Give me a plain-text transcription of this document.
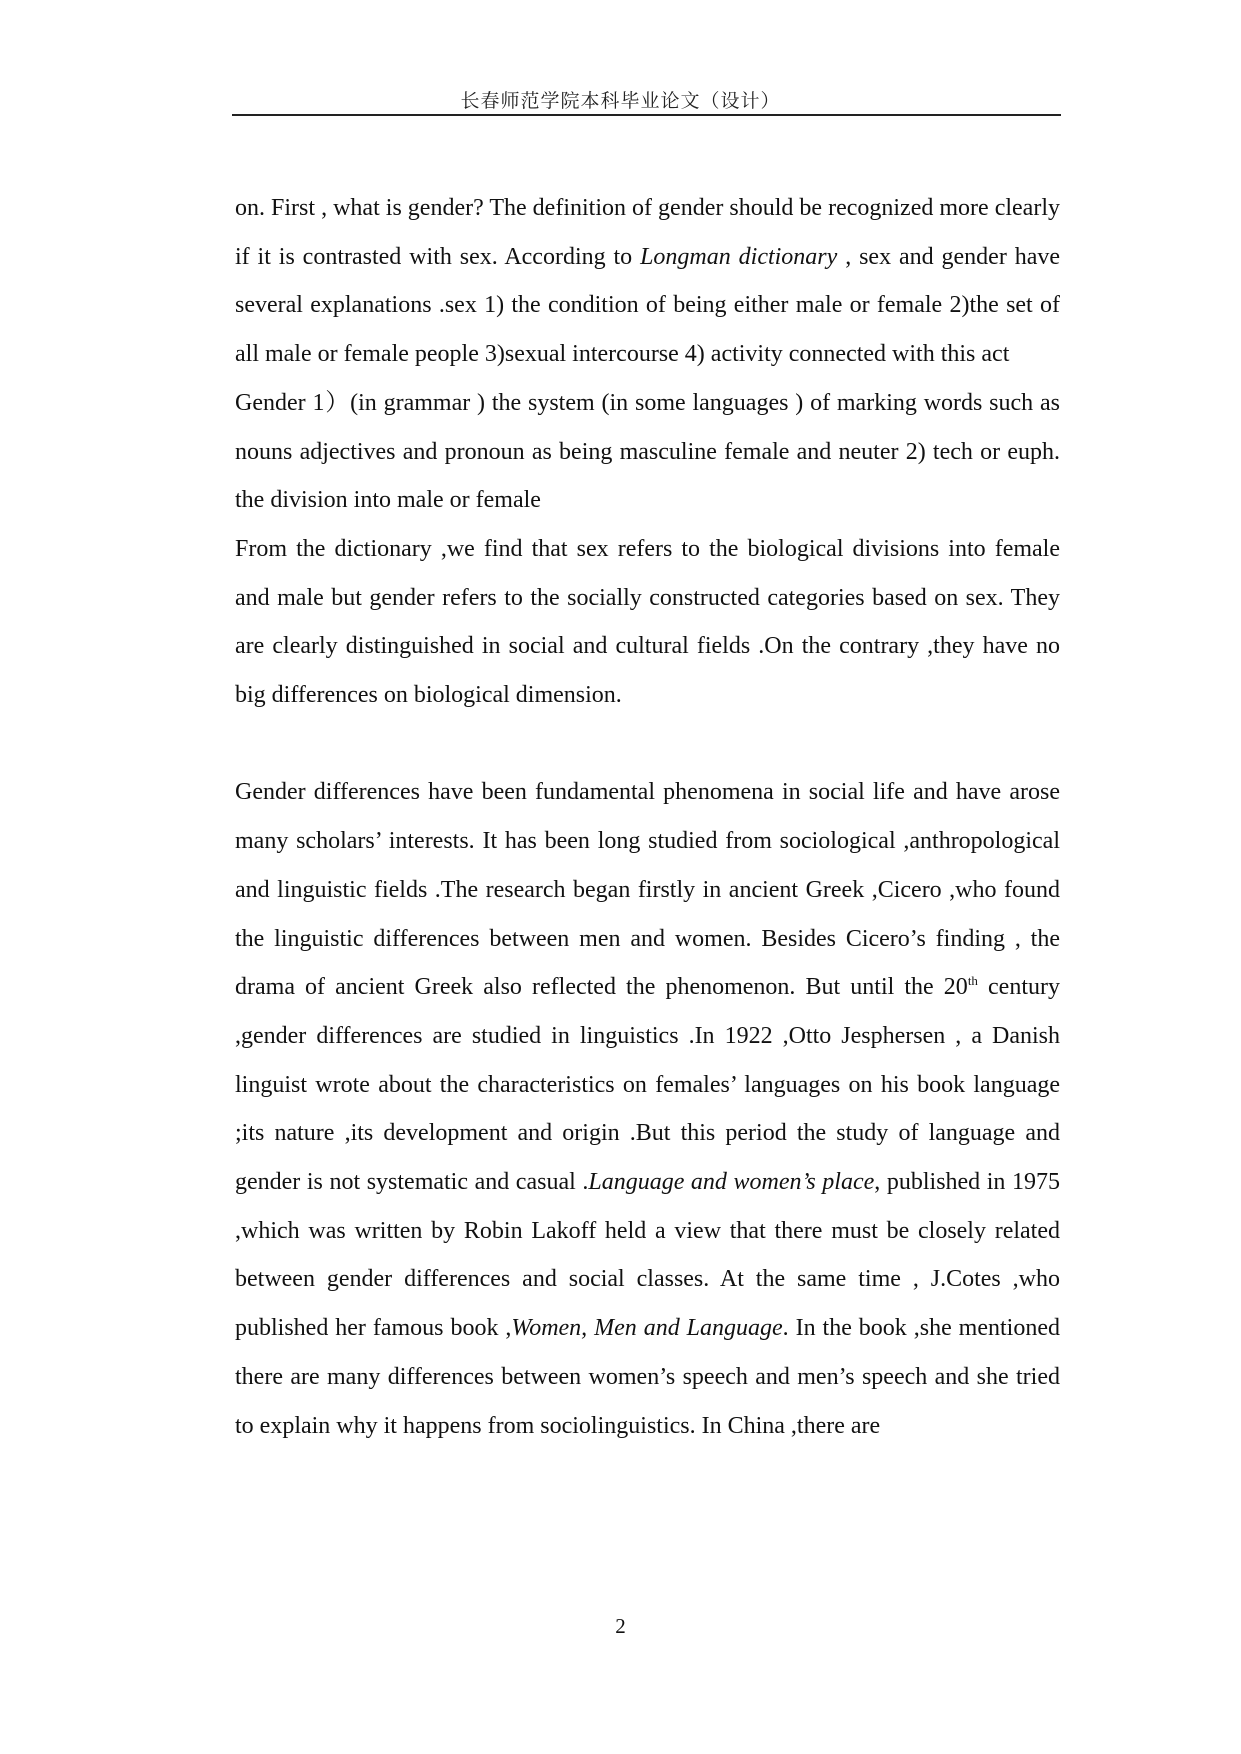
长春师范学院本科毕业论文（设计）

on. First , what is gender? The definition of gender should be recognized more clearly if it is contrasted with sex. According to Longman dictionary , sex and gender have several explanations .sex 1) the condition of being either male or female 2)the set of all male or female people 3)sexual intercourse 4) activity connected with this act

Gender 1）(in grammar ) the system (in some languages ) of marking words such as nouns adjectives and pronoun as being masculine female and neuter 2) tech or euph. the division into male or female

From the dictionary ,we find that sex refers to the biological divisions into female and male but gender refers to the socially constructed categories based on sex. They are clearly distinguished in social and cultural fields .On the contrary ,they have no big differences on biological dimension.

Gender differences have been fundamental phenomena in social life and have arose many scholars’ interests. It has been long studied from sociological ,anthropological and linguistic fields .The research began firstly in ancient Greek ,Cicero ,who found the linguistic differences between men and women. Besides Cicero’s finding , the drama of ancient Greek also reflected the phenomenon. But until the 20th century ,gender differences are studied in linguistics .In 1922 ,Otto Jesphersen , a Danish linguist wrote about the characteristics on females’ languages on his book language ;its nature ,its development and origin .But this period the study of language and gender is not systematic and casual .Language and women’s place, published in 1975 ,which was written by Robin Lakoff held a view that there must be closely related between gender differences and social classes. At the same time , J.Cotes ,who published her famous book ,Women, Men and Language. In the book ,she mentioned there are many differences between women’s speech and men’s speech and she tried to explain why it happens from sociolinguistics. In China ,there are

2
